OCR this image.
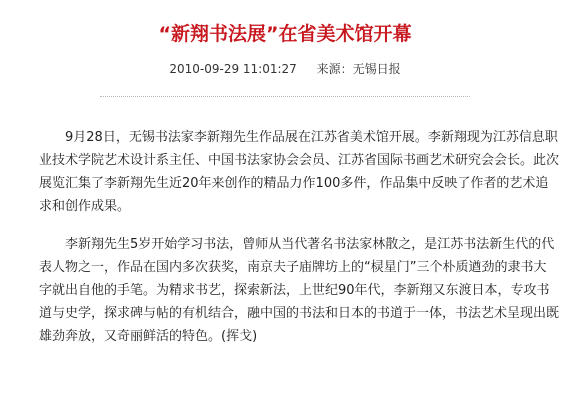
“新翔书法展”在省美术馆开幕
2010-09-29 11:01:27 来源：无锡日报

9月28日，无锡书法家李新翔先生作品展在江苏省美术馆开展。李新翔现为江苏信息职业技术学院艺术设计系主任、中国书法家协会会员、江苏省国际书画艺术研究会会长。此次展览汇集了李新翔先生近20年来创作的精品力作100多件，作品集中反映了作者的艺术追求和创作成果。

李新翔先生5岁开始学习书法，曾师从当代著名书法家林散之，是江苏书法新生代的代表人物之一，作品在国内多次获奖，南京夫子庙牌坊上的“棂星门”三个朴质遒劲的隶书大字就出自他的手笔。为精求书艺，探索新法，上世纪90年代，李新翔又东渡日本，专攻书道与史学，探求碑与帖的有机结合，融中国的书法和日本的书道于一体，书法艺术呈现出既雄劲奔放，又奇丽鲜活的特色。(挥戈)
